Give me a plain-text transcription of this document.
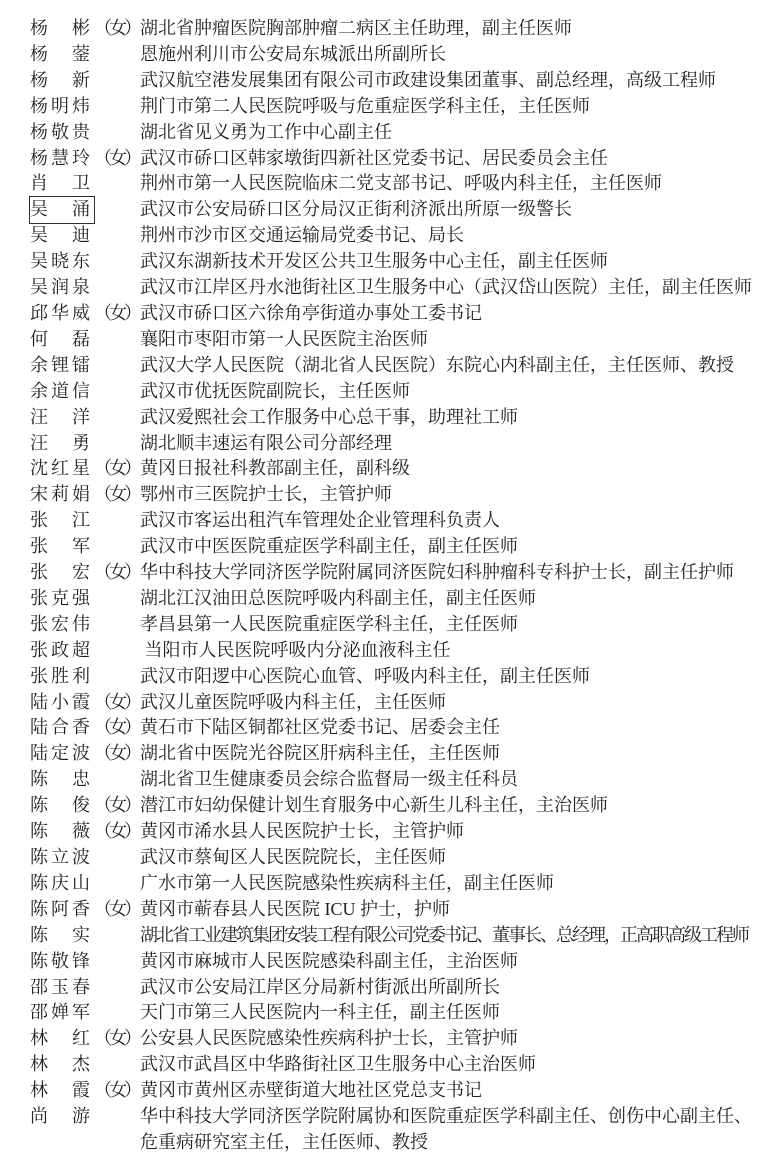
杨　彬 （女） 湖北省肿瘤医院胸部肿瘤二病区主任助理，副主任医师
杨　蓥	恩施州利川市公安局东城派出所副所长
杨　新	武汉航空港发展集团有限公司市政建设集团董事、副总经理，高级工程师
杨明炜	荆门市第二人民医院呼吸与危重症医学科主任，主任医师
杨敬贵	湖北省见义勇为工作中心副主任
杨慧玲 （女） 武汉市硚口区韩家墩街四新社区党委书记、居民委员会主任
肖　卫	荆州市第一人民医院临床二党支部书记、呼吸内科主任，主任医师
吴　涌	武汉市公安局硚口区分局汉正街利济派出所原一级警长
吴　迪	荆州市沙市区交通运输局党委书记、局长
吴晓东	武汉东湖新技术开发区公共卫生服务中心主任，副主任医师
吴润泉	武汉市江岸区丹水池街社区卫生服务中心（武汉岱山医院）主任，副主任医师
邱华威 （女） 武汉市硚口区六徐角亭街道办事处工委书记
何　磊	襄阳市枣阳市第一人民医院主治医师
余锂镭	武汉大学人民医院（湖北省人民医院）东院心内科副主任，主任医师、教授
余道信	武汉市优抚医院副院长，主任医师
汪　洋	武汉爱熙社会工作服务中心总干事，助理社工师
汪　勇	湖北顺丰速运有限公司分部经理
沈红星 （女） 黄冈日报社科教部副主任，副科级
宋莉娟 （女） 鄂州市三医院护士长，主管护师
张　江	武汉市客运出租汽车管理处企业管理科负责人
张　军	武汉市中医医院重症医学科副主任，副主任医师
张　宏 （女） 华中科技大学同济医学院附属同济医院妇科肿瘤科专科护士长，副主任护师
张克强	湖北江汉油田总医院呼吸内科副主任，副主任医师
张宏伟	孝昌县第一人民医院重症医学科主任，主任医师
张政超	当阳市人民医院呼吸内分泌血液科主任
张胜利	武汉市阳逻中心医院心血管、呼吸内科主任，副主任医师
陆小霞 （女） 武汉儿童医院呼吸内科主任，主任医师
陆合香 （女） 黄石市下陆区铜都社区党委书记、居委会主任
陆定波 （女） 湖北省中医院光谷院区肝病科主任，主任医师
陈　忠	湖北省卫生健康委员会综合监督局一级主任科员
陈　俊 （女） 潜江市妇幼保健计划生育服务中心新生儿科主任，主治医师
陈　薇 （女） 黄冈市浠水县人民医院护士长，主管护师
陈立波	武汉市蔡甸区人民医院院长，主任医师
陈庆山	广水市第一人民医院感染性疾病科主任，副主任医师
陈阿香 （女） 黄冈市蕲春县人民医院 ICU 护士，护师
陈　实	湖北省工业建筑集团安装工程有限公司党委书记、董事长、总经理，正高职高级工程师
陈敬锋	黄冈市麻城市人民医院感染科副主任，主治医师
邵玉春	武汉市公安局江岸区分局新村街派出所副所长
邵婵军	天门市第三人民医院内一科主任，副主任医师
林　红 （女） 公安县人民医院感染性疾病科护士长，主管护师
林　杰	武汉市武昌区中华路街社区卫生服务中心主治医师
林　霞 （女） 黄冈市黄州区赤壁街道大地社区党总支书记
尚　游	华中科技大学同济医学院附属协和医院重症医学科副主任、创伤中心副主任、危重病研究室主任，主任医师、教授
